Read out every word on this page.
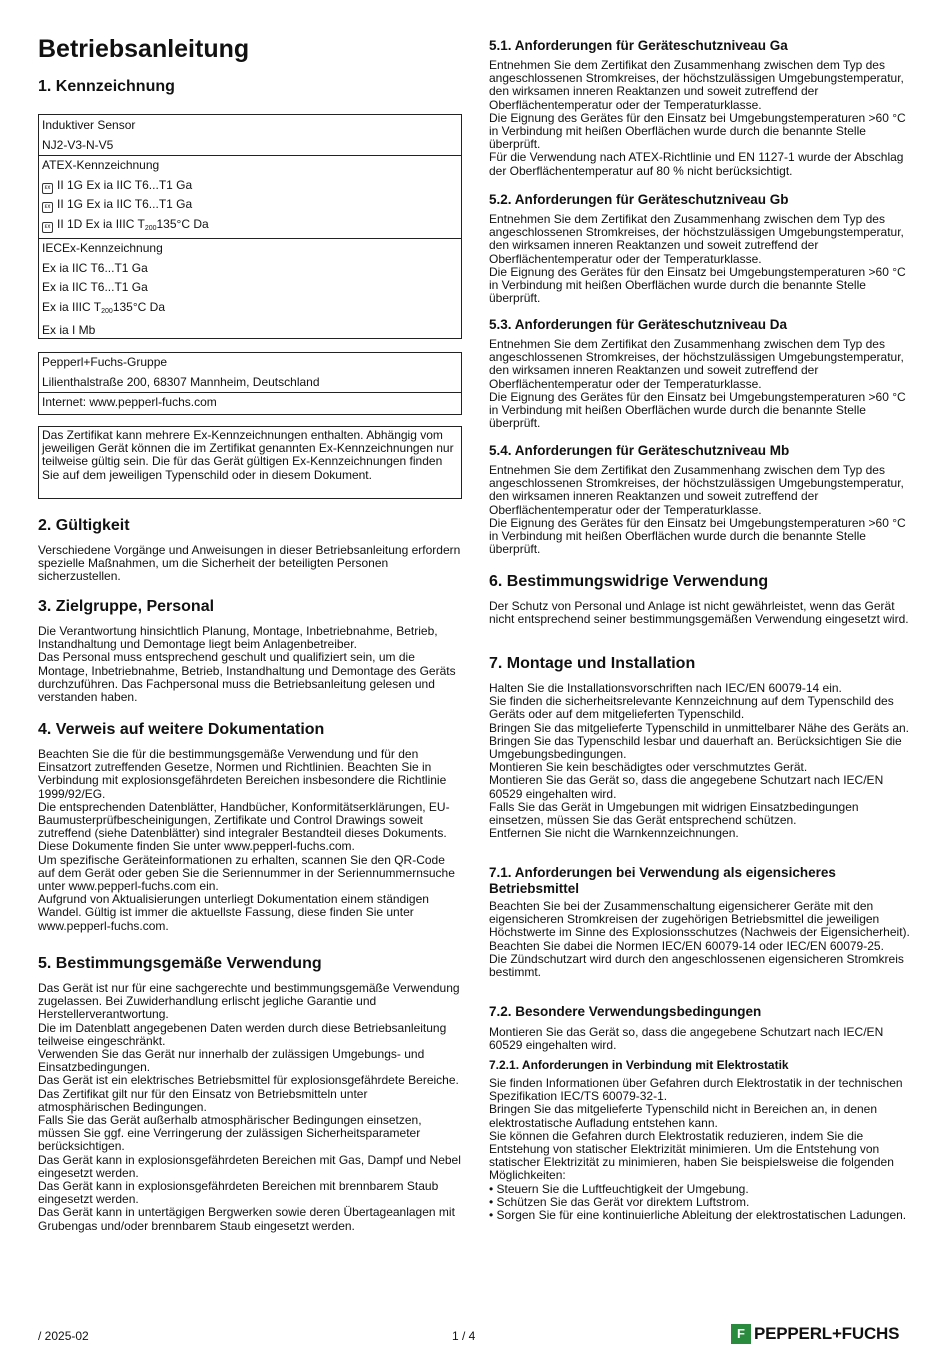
Betriebsanleitung
1. Kennzeichnung
Induktiver Sensor
NJ2-V3-N-V5
ATEX-Kennzeichnung
εx II 1G Ex ia IIC T6...T1 Ga
εx II 1G Ex ia IIC T6...T1 Ga
εx II 1D Ex ia IIIC $T_{200}135^\circ C$ Da
IECEx-Kennzeichnung
Ex ia IIC T6...T1 Ga
Ex ia IIC T6...T1 Ga
Ex ia IIIC $T_{200}135^\circ C$ Da
Ex ia I Mb
Pepperl+Fuchs-Gruppe
Lilienthalstraße 200, 68307 Mannheim, Deutschland
Internet: www.pepperl-fuchs.com
Das Zertifikat kann mehrere Ex-Kennzeichnungen enthalten. Abhängig vom jeweiligen Gerät können die im Zertifikat genannten Ex-Kennzeichnungen nur teilweise gültig sein. Die für das Gerät gültigen Ex-Kennzeichnungen finden Sie auf dem jeweiligen Typenschild oder in diesem Dokument.
2. Gültigkeit
Verschiedene Vorgänge und Anweisungen in dieser Betriebsanleitung erfordern spezielle Maßnahmen, um die Sicherheit der beteiligten Personen sicherzustellen.
3. Zielgruppe, Personal
Die Verantwortung hinsichtlich Planung, Montage, Inbetriebnahme, Betrieb, Instandhaltung und Demontage liegt beim Anlagenbetreiber.
Das Personal muss entsprechend geschult und qualifiziert sein, um die Montage, Inbetriebnahme, Betrieb, Instandhaltung und Demontage des Geräts durchzuführen. Das Fachpersonal muss die Betriebsanleitung gelesen und verstanden haben.
4. Verweis auf weitere Dokumentation
Beachten Sie die für die bestimmungsgemäße Verwendung und für den Einsatzort zutreffenden Gesetze, Normen und Richtlinien. Beachten Sie in Verbindung mit explosionsgefährdeten Bereichen insbesondere die Richtlinie 1999/92/EG.
Die entsprechenden Datenblätter, Handbücher, Konformitätserklärungen, EU-Baumusterprüfbescheinigungen, Zertifikate und Control Drawings soweit zutreffend (siehe Datenblätter) sind integraler Bestandteil dieses Dokuments. Diese Dokumente finden Sie unter www.pepperl-fuchs.com.
Um spezifische Geräteinformationen zu erhalten, scannen Sie den QR-Code auf dem Gerät oder geben Sie die Seriennummer in der Seriennummernsuche unter www.pepperl-fuchs.com ein.
Aufgrund von Aktualisierungen unterliegt Dokumentation einem ständigen Wandel. Gültig ist immer die aktuellste Fassung, diese finden Sie unter www.pepperl-fuchs.com.
5. Bestimmungsgemäße Verwendung
Das Gerät ist nur für eine sachgerechte und bestimmungsgemäße Verwendung zugelassen. Bei Zuwiderhandlung erlischt jegliche Garantie und Herstellerverantwortung.
Die im Datenblatt angegebenen Daten werden durch diese Betriebsanleitung teilweise eingeschränkt.
Verwenden Sie das Gerät nur innerhalb der zulässigen Umgebungs- und Einsatzbedingungen.
Das Gerät ist ein elektrisches Betriebsmittel für explosionsgefährdete Bereiche.
Das Zertifikat gilt nur für den Einsatz von Betriebsmitteln unter atmosphärischen Bedingungen.
Falls Sie das Gerät außerhalb atmosphärischer Bedingungen einsetzen, müssen Sie ggf. eine Verringerung der zulässigen Sicherheitsparameter berücksichtigen.
Das Gerät kann in explosionsgefährdeten Bereichen mit Gas, Dampf und Nebel eingesetzt werden.
Das Gerät kann in explosionsgefährdeten Bereichen mit brennbarem Staub eingesetzt werden.
Das Gerät kann in untertägigen Bergwerken sowie deren Übertageanlagen mit Grubengas und/oder brennbarem Staub eingesetzt werden.
5.1. Anforderungen für Geräteschutzniveau Ga
Entnehmen Sie dem Zertifikat den Zusammenhang zwischen dem Typ des angeschlossenen Stromkreises, der höchstzulässigen Umgebungstemperatur, den wirksamen inneren Reaktanzen und soweit zutreffend der Oberflächentemperatur oder der Temperaturklasse.
Die Eignung des Gerätes für den Einsatz bei Umgebungstemperaturen >60 °C in Verbindung mit heißen Oberflächen wurde durch die benannte Stelle überprüft.
Für die Verwendung nach ATEX-Richtlinie und EN 1127-1 wurde der Abschlag der Oberflächentemperatur auf 80 % nicht berücksichtigt.
5.2. Anforderungen für Geräteschutzniveau Gb
Entnehmen Sie dem Zertifikat den Zusammenhang zwischen dem Typ des angeschlossenen Stromkreises, der höchstzulässigen Umgebungstemperatur, den wirksamen inneren Reaktanzen und soweit zutreffend der Oberflächentemperatur oder der Temperaturklasse.
Die Eignung des Gerätes für den Einsatz bei Umgebungstemperaturen >60 °C in Verbindung mit heißen Oberflächen wurde durch die benannte Stelle überprüft.
5.3. Anforderungen für Geräteschutzniveau Da
Entnehmen Sie dem Zertifikat den Zusammenhang zwischen dem Typ des angeschlossenen Stromkreises, der höchstzulässigen Umgebungstemperatur, den wirksamen inneren Reaktanzen und soweit zutreffend der Oberflächentemperatur oder der Temperaturklasse.
Die Eignung des Gerätes für den Einsatz bei Umgebungstemperaturen >60 °C in Verbindung mit heißen Oberflächen wurde durch die benannte Stelle überprüft.
5.4. Anforderungen für Geräteschutzniveau Mb
Entnehmen Sie dem Zertifikat den Zusammenhang zwischen dem Typ des angeschlossenen Stromkreises, der höchstzulässigen Umgebungstemperatur, den wirksamen inneren Reaktanzen und soweit zutreffend der Oberflächentemperatur oder der Temperaturklasse.
Die Eignung des Gerätes für den Einsatz bei Umgebungstemperaturen >60 °C in Verbindung mit heißen Oberflächen wurde durch die benannte Stelle überprüft.
6. Bestimmungswidrige Verwendung
Der Schutz von Personal und Anlage ist nicht gewährleistet, wenn das Gerät nicht entsprechend seiner bestimmungsgemäßen Verwendung eingesetzt wird.
7. Montage und Installation
Halten Sie die Installationsvorschriften nach IEC/EN 60079-14 ein.
Sie finden die sicherheitsrelevante Kennzeichnung auf dem Typenschild des Geräts oder auf dem mitgelieferten Typenschild.
Bringen Sie das mitgelieferte Typenschild in unmittelbarer Nähe des Geräts an. Bringen Sie das Typenschild lesbar und dauerhaft an. Berücksichtigen Sie die Umgebungsbedingungen.
Montieren Sie kein beschädigtes oder verschmutztes Gerät.
Montieren Sie das Gerät so, dass die angegebene Schutzart nach IEC/EN 60529 eingehalten wird.
Falls Sie das Gerät in Umgebungen mit widrigen Einsatzbedingungen einsetzen, müssen Sie das Gerät entsprechend schützen.
Entfernen Sie nicht die Warnkennzeichnungen.
7.1. Anforderungen bei Verwendung als eigensicheres
Betriebsmittel
Beachten Sie bei der Zusammenschaltung eigensicherer Geräte mit den eigensicheren Stromkreisen der zugehörigen Betriebsmittel die jeweiligen Höchstwerte im Sinne des Explosionsschutzes (Nachweis der Eigensicherheit). Beachten Sie dabei die Normen IEC/EN 60079-14 oder IEC/EN 60079-25.
Die Zündschutzart wird durch den angeschlossenen eigensicheren Stromkreis bestimmt.
7.2. Besondere Verwendungsbedingungen
Montieren Sie das Gerät so, dass die angegebene Schutzart nach IEC/EN 60529 eingehalten wird.
7.2.1. Anforderungen in Verbindung mit Elektrostatik
Sie finden Informationen über Gefahren durch Elektrostatik in der technischen Spezifikation IEC/TS 60079-32-1.
Bringen Sie das mitgelieferte Typenschild nicht in Bereichen an, in denen elektrostatische Aufladung entstehen kann.
Sie können die Gefahren durch Elektrostatik reduzieren, indem Sie die Entstehung von statischer Elektrizität minimieren. Um die Entstehung von statischer Elektrizität zu minimieren, haben Sie beispielsweise die folgenden Möglichkeiten:
• Steuern Sie die Luftfeuchtigkeit der Umgebung.
• Schützen Sie das Gerät vor direktem Luftstrom.
• Sorgen Sie für eine kontinuierliche Ableitung der elektrostatischen Ladungen.
/ 2025-02	1 / 4	F PEPPERL+FUCHS
